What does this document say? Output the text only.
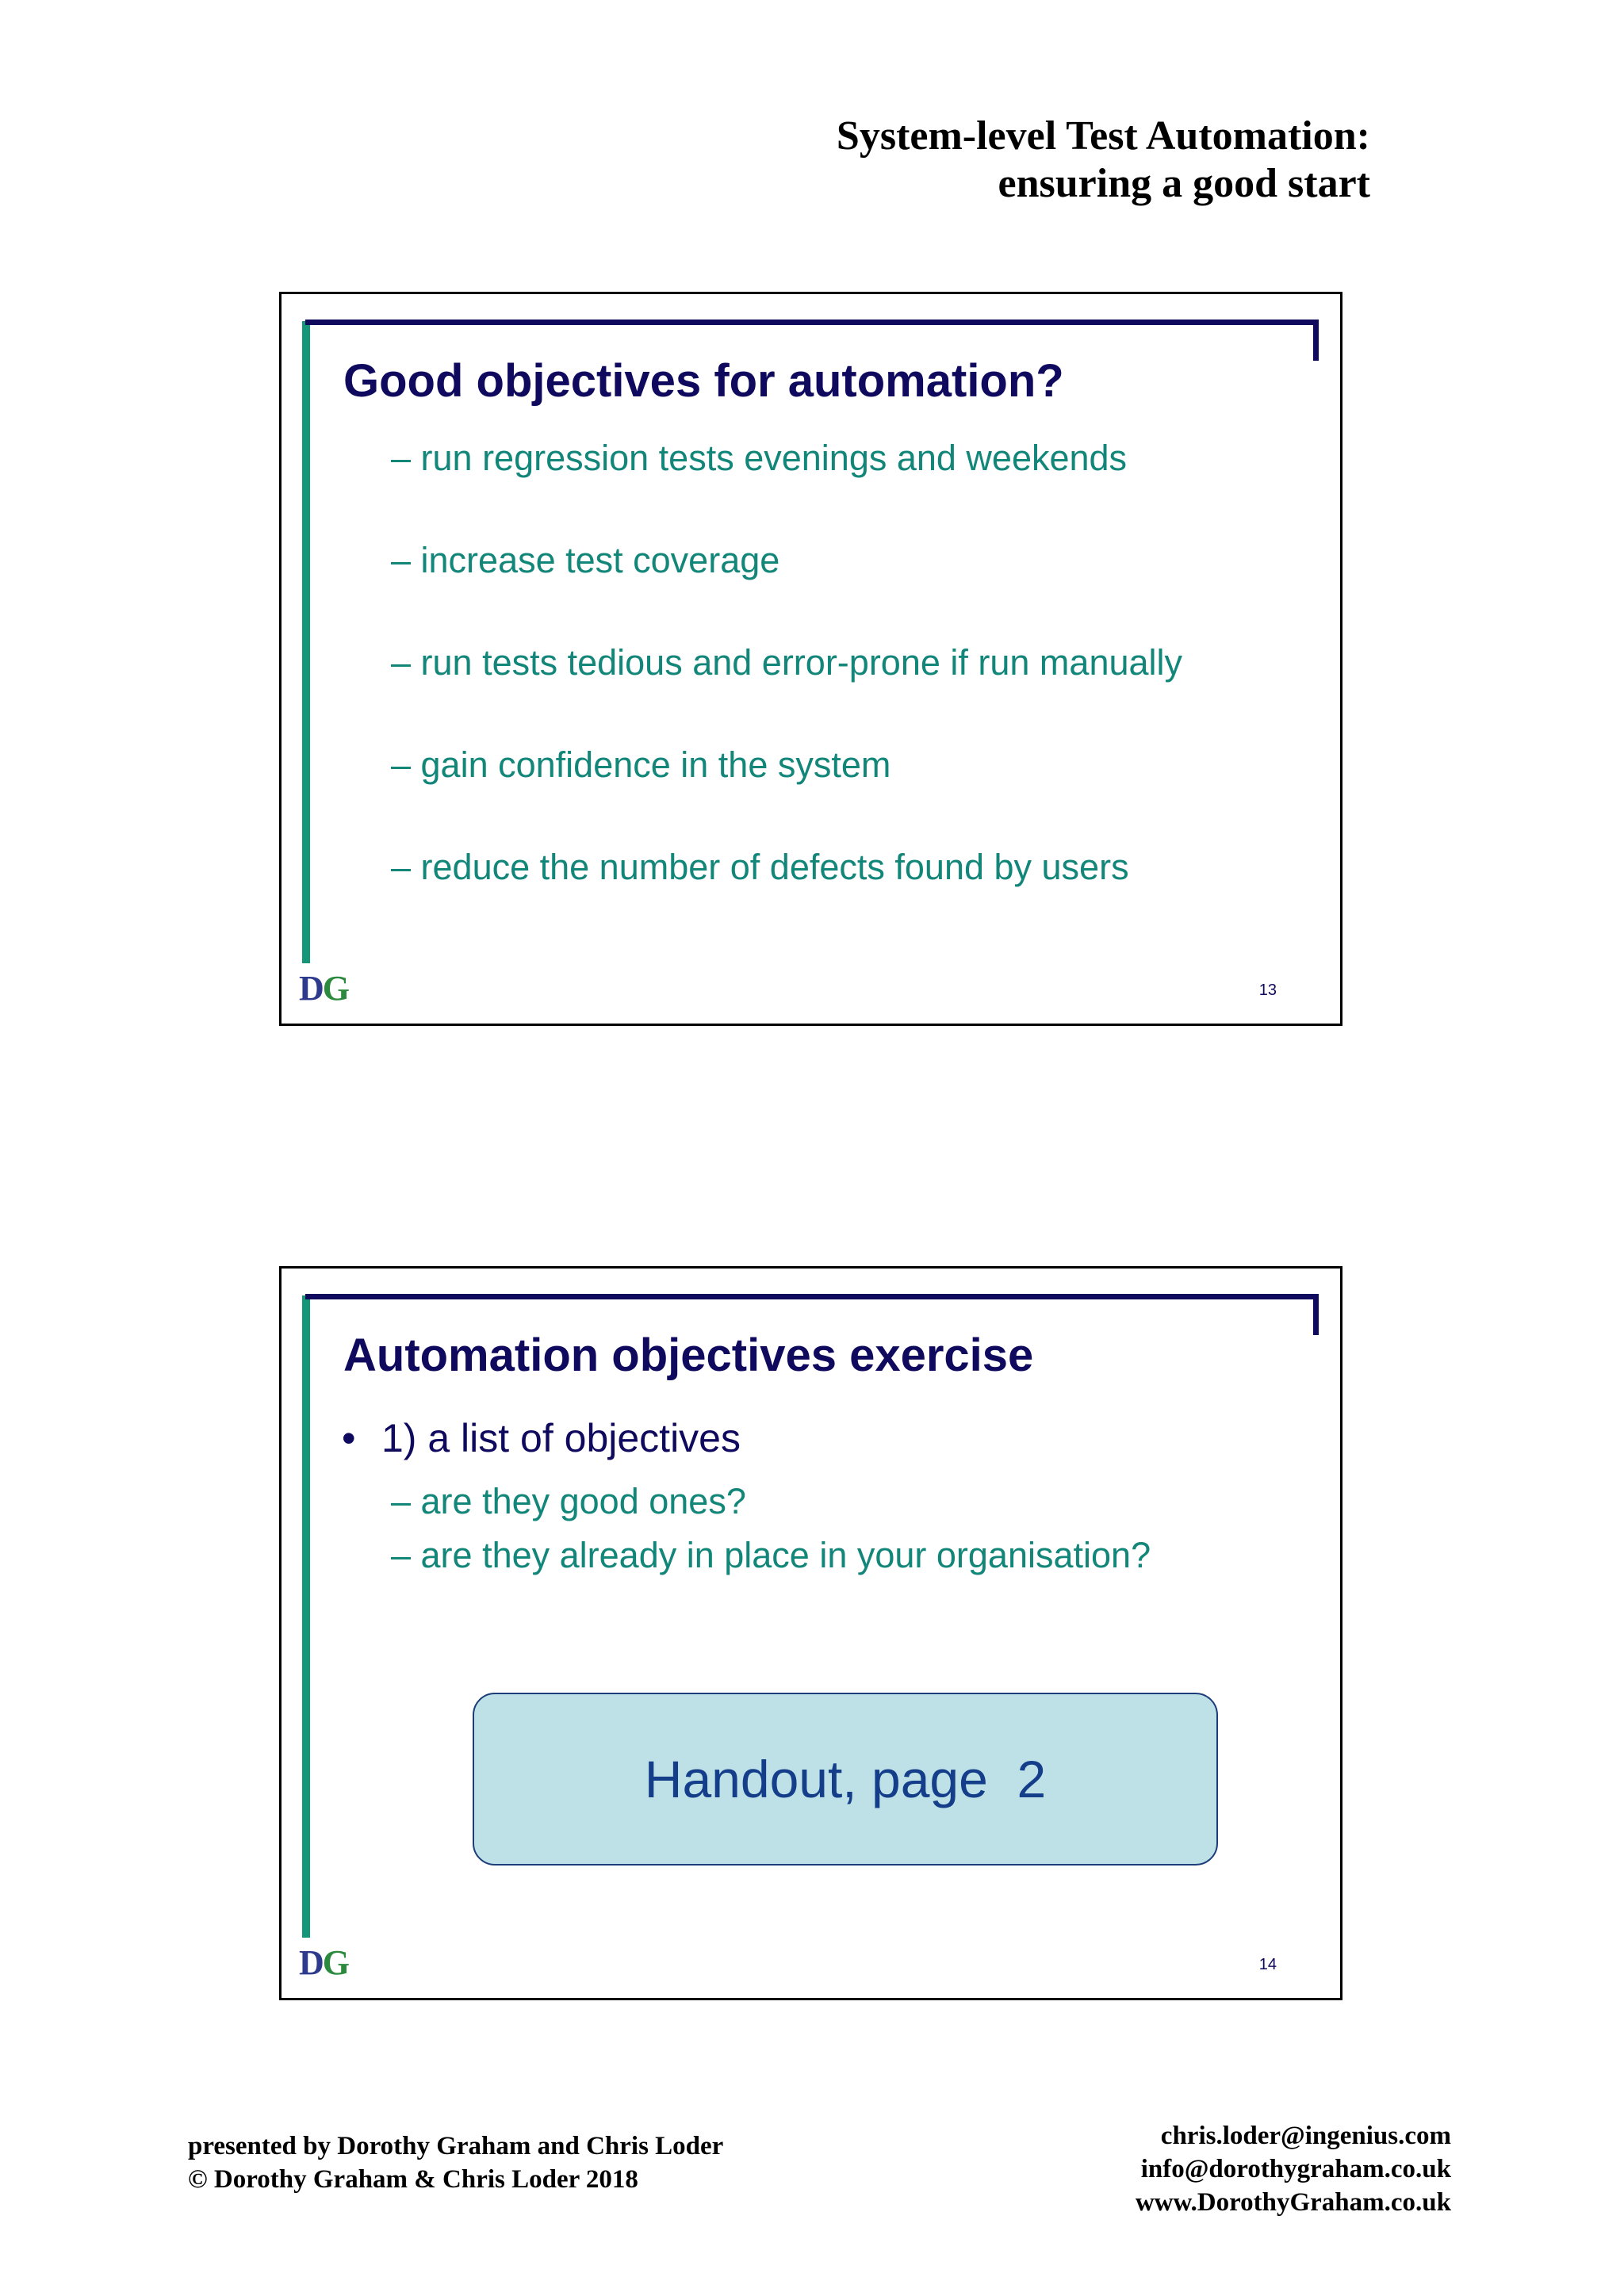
System-level Test Automation:
ensuring a good start
Good objectives for automation?
– run regression tests evenings and weekends
– increase test coverage
– run tests tedious and error-prone if run manually
– gain confidence in the system
– reduce the number of defects found by users
DG	13
Automation objectives exercise
• 1) a list of objectives
– are they good ones?
– are they already in place in your organisation?
Handout, page  2
DG	14
presented by Dorothy Graham and Chris Loder
© Dorothy Graham & Chris Loder 2018
chris.loder@ingenius.com
info@dorothygraham.co.uk
www.DorothyGraham.co.uk
